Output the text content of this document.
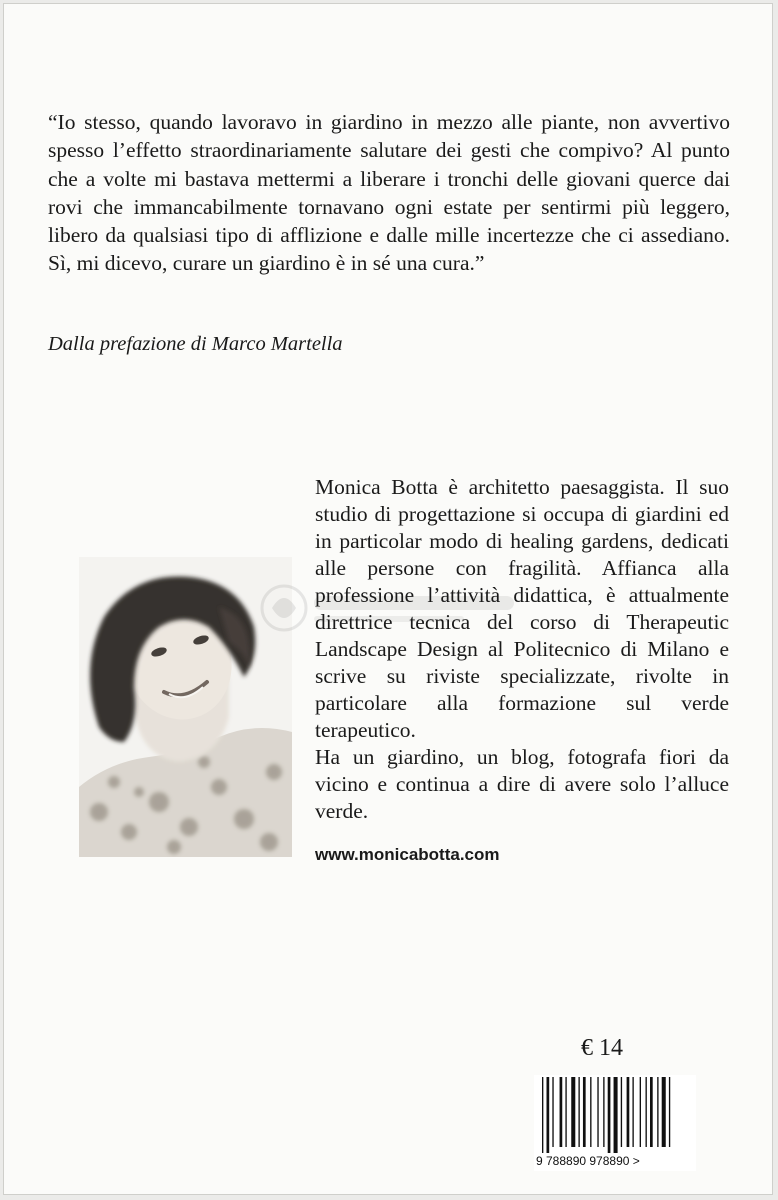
“Io stesso, quando lavoravo in giardino in mezzo alle piante, non avvertivo spesso l’effetto straordinariamente salutare dei gesti che compivo? Al punto che a volte mi bastava mettermi a liberare i tronchi delle giovani querce dai rovi che immancabilmente tornavano ogni estate per sentirmi più leggero, libero da qualsiasi tipo di afflizione e dalle mille incertezze che ci assediano. Sì, mi dicevo, curare un giardino è in sé una cura.”

Dalla prefazione di Marco Martella

Monica Botta è architetto paesaggista. Il suo studio di progettazione si occupa di giardini ed in particolar modo di healing gardens, dedicati alle persone con fragilità. Affianca alla professione l’attività didattica, è attualmente direttrice tecnica del corso di Therapeutic Landscape Design al Politecnico di Milano e scrive su riviste specializzate, rivolte in particolare alla formazione sul verde terapeutico.

Ha un giardino, un blog, fotografa fiori da vicino e continua a dire di avere solo l’alluce verde.

www.monicabotta.com

€ 14

9 788890 978890 >
